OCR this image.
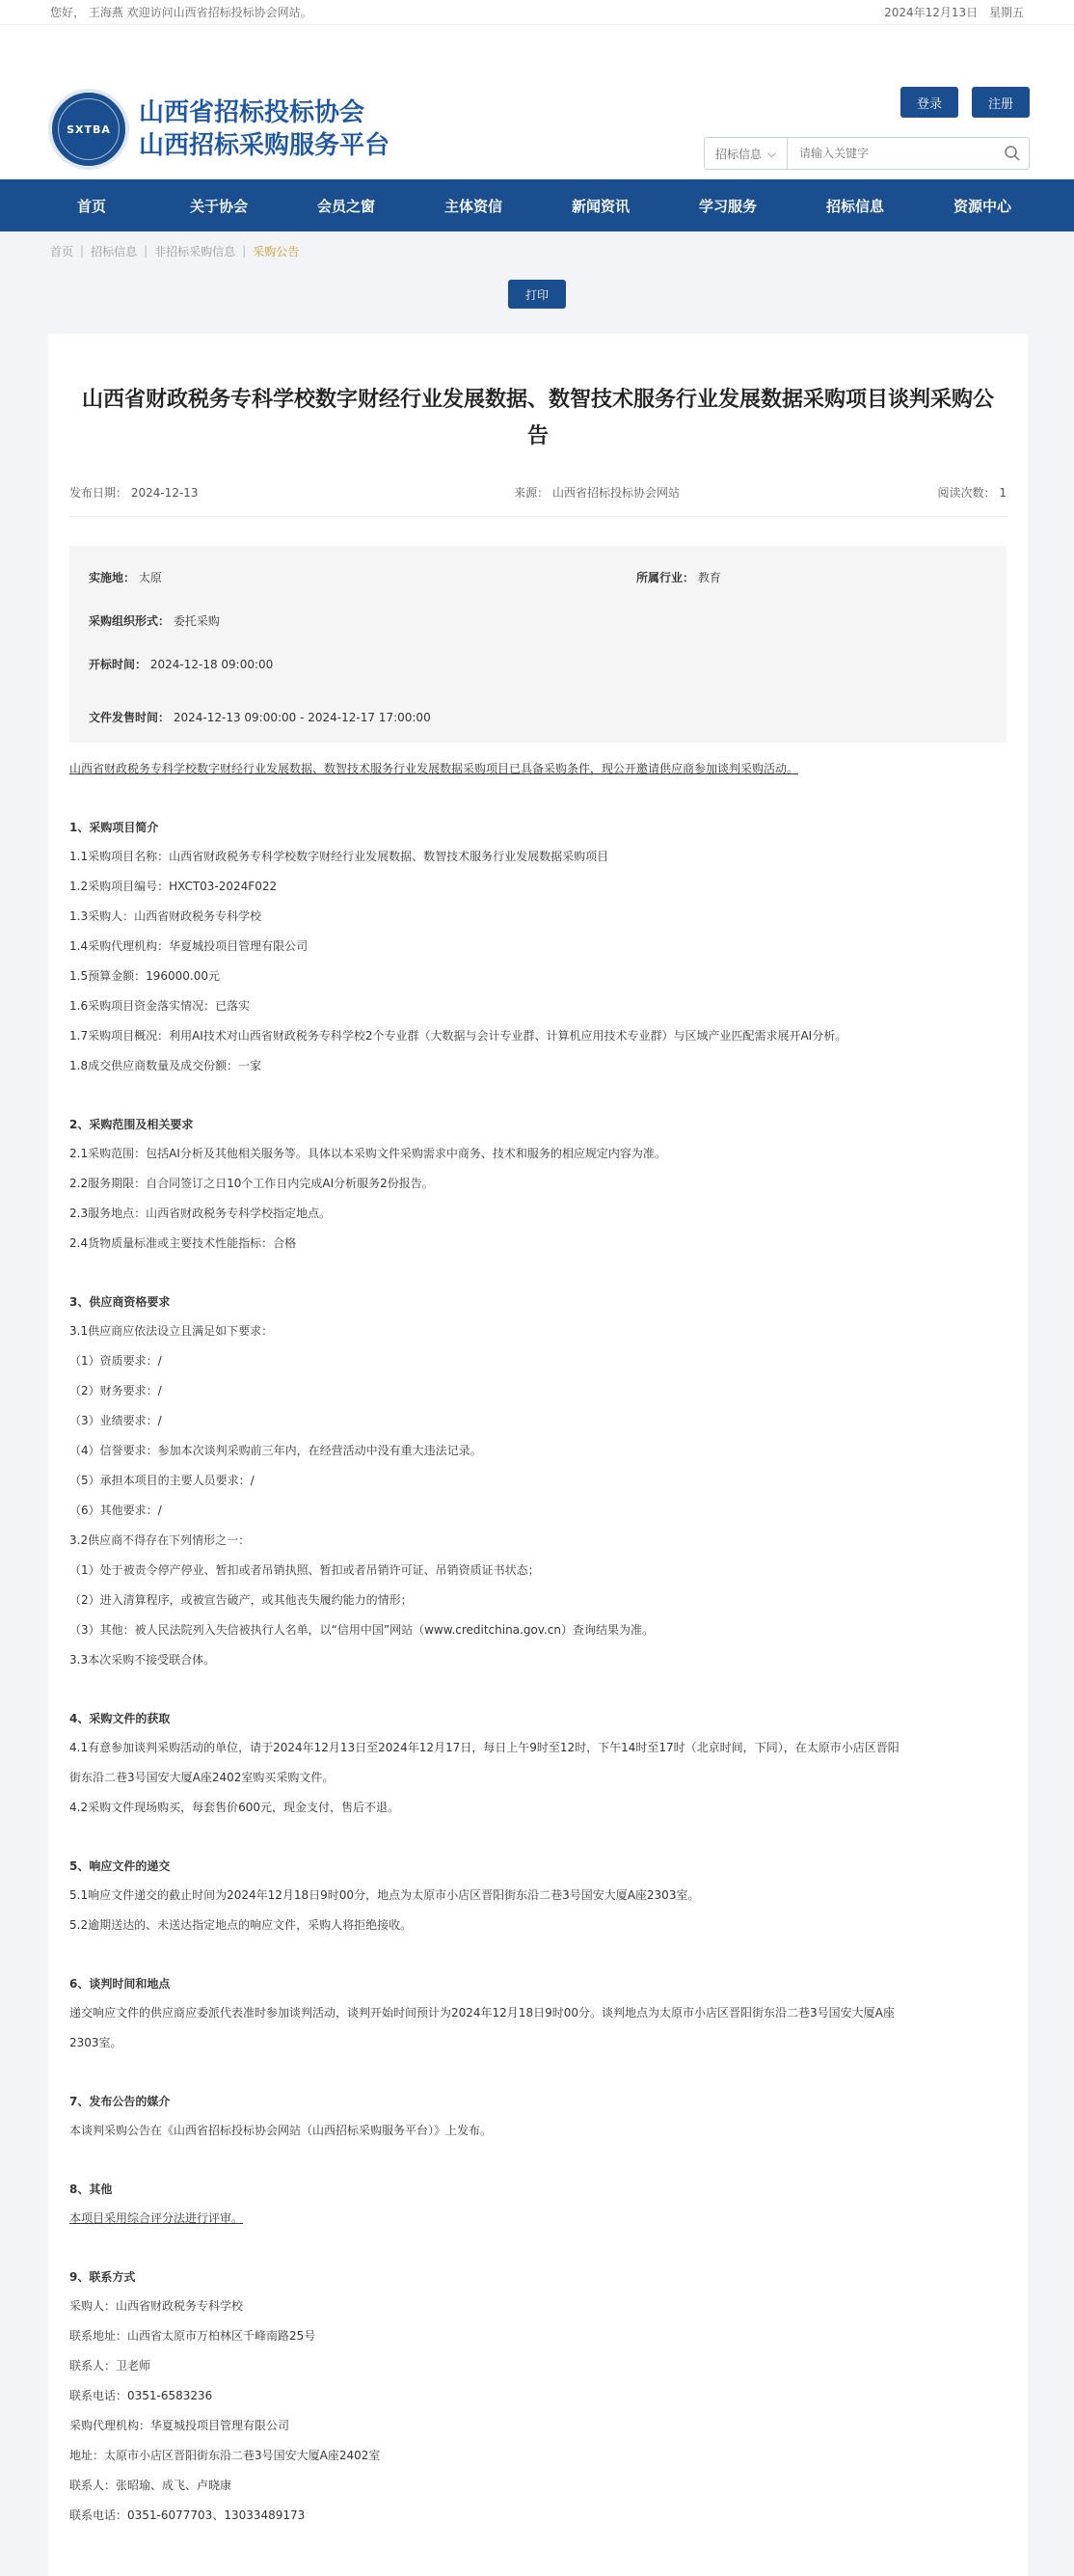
您好， 王海燕 欢迎访问山西省招标投标协会网站。	2024年12月13日 星期五
SXTBA
山西省招标投标协会
山西招标采购服务平台
登录	注册
招标信息 ⌵
请输入关键字
首页	关于协会	会员之窗	主体资信	新闻资讯	学习服务	招标信息	资源中心
首页 | 招标信息 | 非招标采购信息 | 采购公告
打印
山西省财政税务专科学校数字财经行业发展数据、数智技术服务行业发展数据采购项目谈判采购公告
发布日期： 2024-12-13	来源： 山西省招标投标协会网站	阅读次数： 1
实施地： 太原	所属行业： 教育
采购组织形式：
委托采购
开标时间：
2024-12-18 09:00:00
文件发售时间：
2024-12-13 09:00:00 - 2024-12-17 17:00:00

山西省财政税务专科学校数字财经行业发展数据、数智技术服务行业发展数据采购项目已具备采购条件，现公开邀请供应商参加谈判采购活动。

1、采购项目简介

1.1采购项目名称：山西省财政税务专科学校数字财经行业发展数据、数智技术服务行业发展数据采购项目

1.2采购项目编号：HXCT03-2024F022

1.3采购人：山西省财政税务专科学校

1.4采购代理机构：华夏城投项目管理有限公司

1.5预算金额：196000.00元

1.6采购项目资金落实情况：已落实

1.7采购项目概况：利用AI技术对山西省财政税务专科学校2个专业群（大数据与会计专业群、计算机应用技术专业群）与区域产业匹配需求展开AI分析。

1.8成交供应商数量及成交份额：一家

2、采购范围及相关要求

2.1采购范围：包括AI分析及其他相关服务等。具体以本采购文件采购需求中商务、技术和服务的相应规定内容为准。

2.2服务期限：自合同签订之日10个工作日内完成AI分析服务2份报告。

2.3服务地点：山西省财政税务专科学校指定地点。

2.4货物质量标准或主要技术性能指标：合格

3、供应商资格要求

3.1供应商应依法设立且满足如下要求：

（1）资质要求：/

（2）财务要求：/

（3）业绩要求：/

（4）信誉要求：参加本次谈判采购前三年内，在经营活动中没有重大违法记录。

（5）承担本项目的主要人员要求：/

（6）其他要求：/

3.2供应商不得存在下列情形之一：

（1）处于被责令停产停业、暂扣或者吊销执照、暂扣或者吊销许可证、吊销资质证书状态；

（2）进入清算程序，或被宣告破产，或其他丧失履约能力的情形；

（3）其他：被人民法院列入失信被执行人名单，以“信用中国”网站（www.creditchina.gov.cn）查询结果为准。

3.3本次采购不接受联合体。

4、采购文件的获取

4.1有意参加谈判采购活动的单位，请于2024年12月13日至2024年12月17日，每日上午9时至12时，下午14时至17时（北京时间，下同），在太原市小店区晋阳

街东沿二巷3号国安大厦A座2402室购买采购文件。

4.2采购文件现场购买，每套售价600元，现金支付，售后不退。

5、响应文件的递交

5.1响应文件递交的截止时间为2024年12月18日9时00分，地点为太原市小店区晋阳街东沿二巷3号国安大厦A座2303室。

5.2逾期送达的、未送达指定地点的响应文件，采购人将拒绝接收。

6、谈判时间和地点

递交响应文件的供应商应委派代表准时参加谈判活动，谈判开始时间预计为2024年12月18日9时00分。谈判地点为太原市小店区晋阳街东沿二巷3号国安大厦A座

2303室。

7、发布公告的媒介

本谈判采购公告在《山西省招标投标协会网站（山西招标采购服务平台）》上发布。

8、其他

本项目采用综合评分法进行评审。

9、联系方式

采购人：山西省财政税务专科学校

联系地址：山西省太原市万柏林区千峰南路25号

联系人：卫老师

联系电话：0351-6583236

采购代理机构：华夏城投项目管理有限公司

地址：太原市小店区晋阳街东沿二巷3号国安大厦A座2402室

联系人：张昭瑜、成飞、卢晓康

联系电话：0351-6077703、13033489173
